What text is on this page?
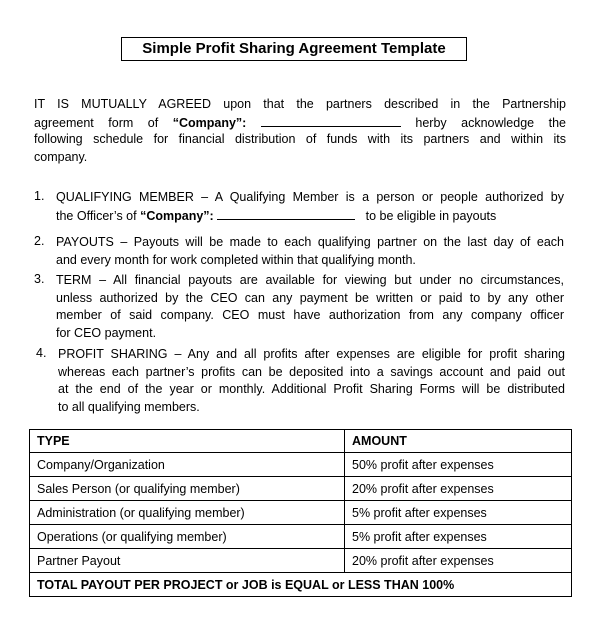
Simple Profit Sharing Agreement Template
IT IS MUTUALLY AGREED upon that the partners described in the Partnership
agreement form of “Company”:	herby acknowledge the
following schedule for financial distribution of funds with its partners and within its
company.
1. QUALIFYING MEMBER – A Qualifying Member is a person or people authorized by
the Officer’s of “Company”:	to be eligible in payouts
2. PAYOUTS – Payouts will be made to each qualifying partner on the last day of each
and every month for work completed within that qualifying month.
3. TERM – All financial payouts are available for viewing but under no circumstances,
unless authorized by the CEO can any payment be written or paid to by any other
member of said company. CEO must have authorization from any company officer
for CEO payment.
4. PROFIT SHARING – Any and all profits after expenses are eligible for profit sharing
whereas each partner’s profits can be deposited into a savings account and paid out
at the end of the year or monthly. Additional Profit Sharing Forms will be distributed
to all qualifying members.
TYPE	AMOUNT
Company/Organization	50% profit after expenses
Sales Person (or qualifying member)	20% profit after expenses
Administration (or qualifying member)	5% profit after expenses
Operations (or qualifying member)	5% profit after expenses
Partner Payout	20% profit after expenses
TOTAL PAYOUT PER PROJECT or JOB is EQUAL or LESS THAN 100%	
